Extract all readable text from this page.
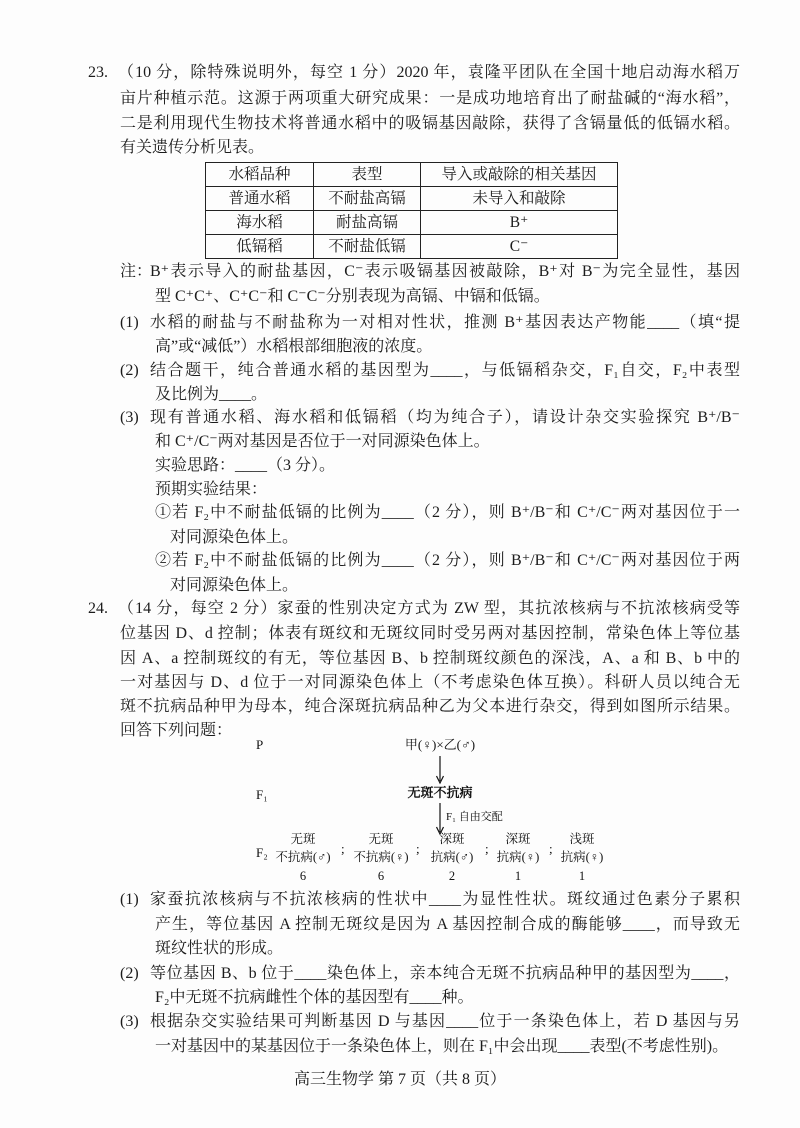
23. （10 分，除特殊说明外，每空 1 分）2020 年，袁隆平团队在全国十地启动海水稻万
亩片种植示范。这源于两项重大研究成果：一是成功地培育出了耐盐碱的“海水稻”，
二是利用现代生物技术将普通水稻中的吸镉基因敲除，获得了含镉量低的低镉水稻。
有关遗传分析见表。
水稻品种	表型	导入或敲除的相关基因
普通水稻	不耐盐高镉	未导入和敲除
海水稻	耐盐高镉	B⁺
低镉稻	不耐盐低镉	C⁻
注：
B⁺表示导入的耐盐基因，C⁻表示吸镉基因被敲除，B⁺对 B⁻为完全显性，基因
型 C⁺C⁺、C⁺C⁻和 C⁻C⁻分别表现为高镉、中镉和低镉。
(1) 水稻的耐盐与不耐盐称为一对相对性状，推测 B⁺基因表达产物能____（填“提
高”或“减低”）水稻根部细胞液的浓度。
(2) 结合题干，纯合普通水稻的基因型为____，与低镉稻杂交，F₁自交，F₂中表型
及比例为____。
(3) 现有普通水稻、海水稻和低镉稻（均为纯合子），请设计杂交实验探究 B⁺/B⁻
和 C⁺/C⁻两对基因是否位于一对同源染色体上。
实验思路：____（3 分）。
预期实验结果：
①若 F₂中不耐盐低镉的比例为____（2 分），则 B⁺/B⁻和 C⁺/C⁻两对基因位于一
对同源染色体上。
②若 F₂中不耐盐低镉的比例为____（2 分），则 B⁺/B⁻和 C⁺/C⁻两对基因位于两
对同源染色体上。
24. （14 分，每空 2 分）家蚕的性别决定方式为 ZW 型，其抗浓核病与不抗浓核病受等
位基因 D、d 控制；体表有斑纹和无斑纹同时受另两对基因控制，常染色体上等位基
因 A、a 控制斑纹的有无，等位基因 B、b 控制斑纹颜色的深浅，A、a 和 B、b 中的
一对基因与 D、d 位于一对同源染色体上（不考虑染色体互换）。科研人员以纯合无
斑不抗病品种甲为母本，纯合深斑抗病品种乙为父本进行杂交，得到如图所示结果。
回答下列问题：
P	甲(♀)×乙(♂)
F₁	无斑不抗病
F₁ 自由交配
F₂
无斑
不抗病(♂)
;
无斑
不抗病(♀)
;
深斑
抗病(♂)
;
深斑
抗病(♀)
;
浅斑
抗病(♀)
6	6	2	1	1
(1) 家蚕抗浓核病与不抗浓核病的性状中____为显性性状。斑纹通过色素分子累积
产生，等位基因 A 控制无斑纹是因为 A 基因控制合成的酶能够____，而导致无
斑纹性状的形成。
(2) 等位基因 B、b 位于____染色体上，亲本纯合无斑不抗病品种甲的基因型为____，
F₂中无斑不抗病雌性个体的基因型有____种。
(3) 根据杂交实验结果可判断基因 D 与基因____位于一条染色体上，若 D 基因与另
一对基因中的某基因位于一条染色体上，则在 F₁中会出现____表型(不考虑性别)。
高三生物学 第 7 页（共 8 页）
